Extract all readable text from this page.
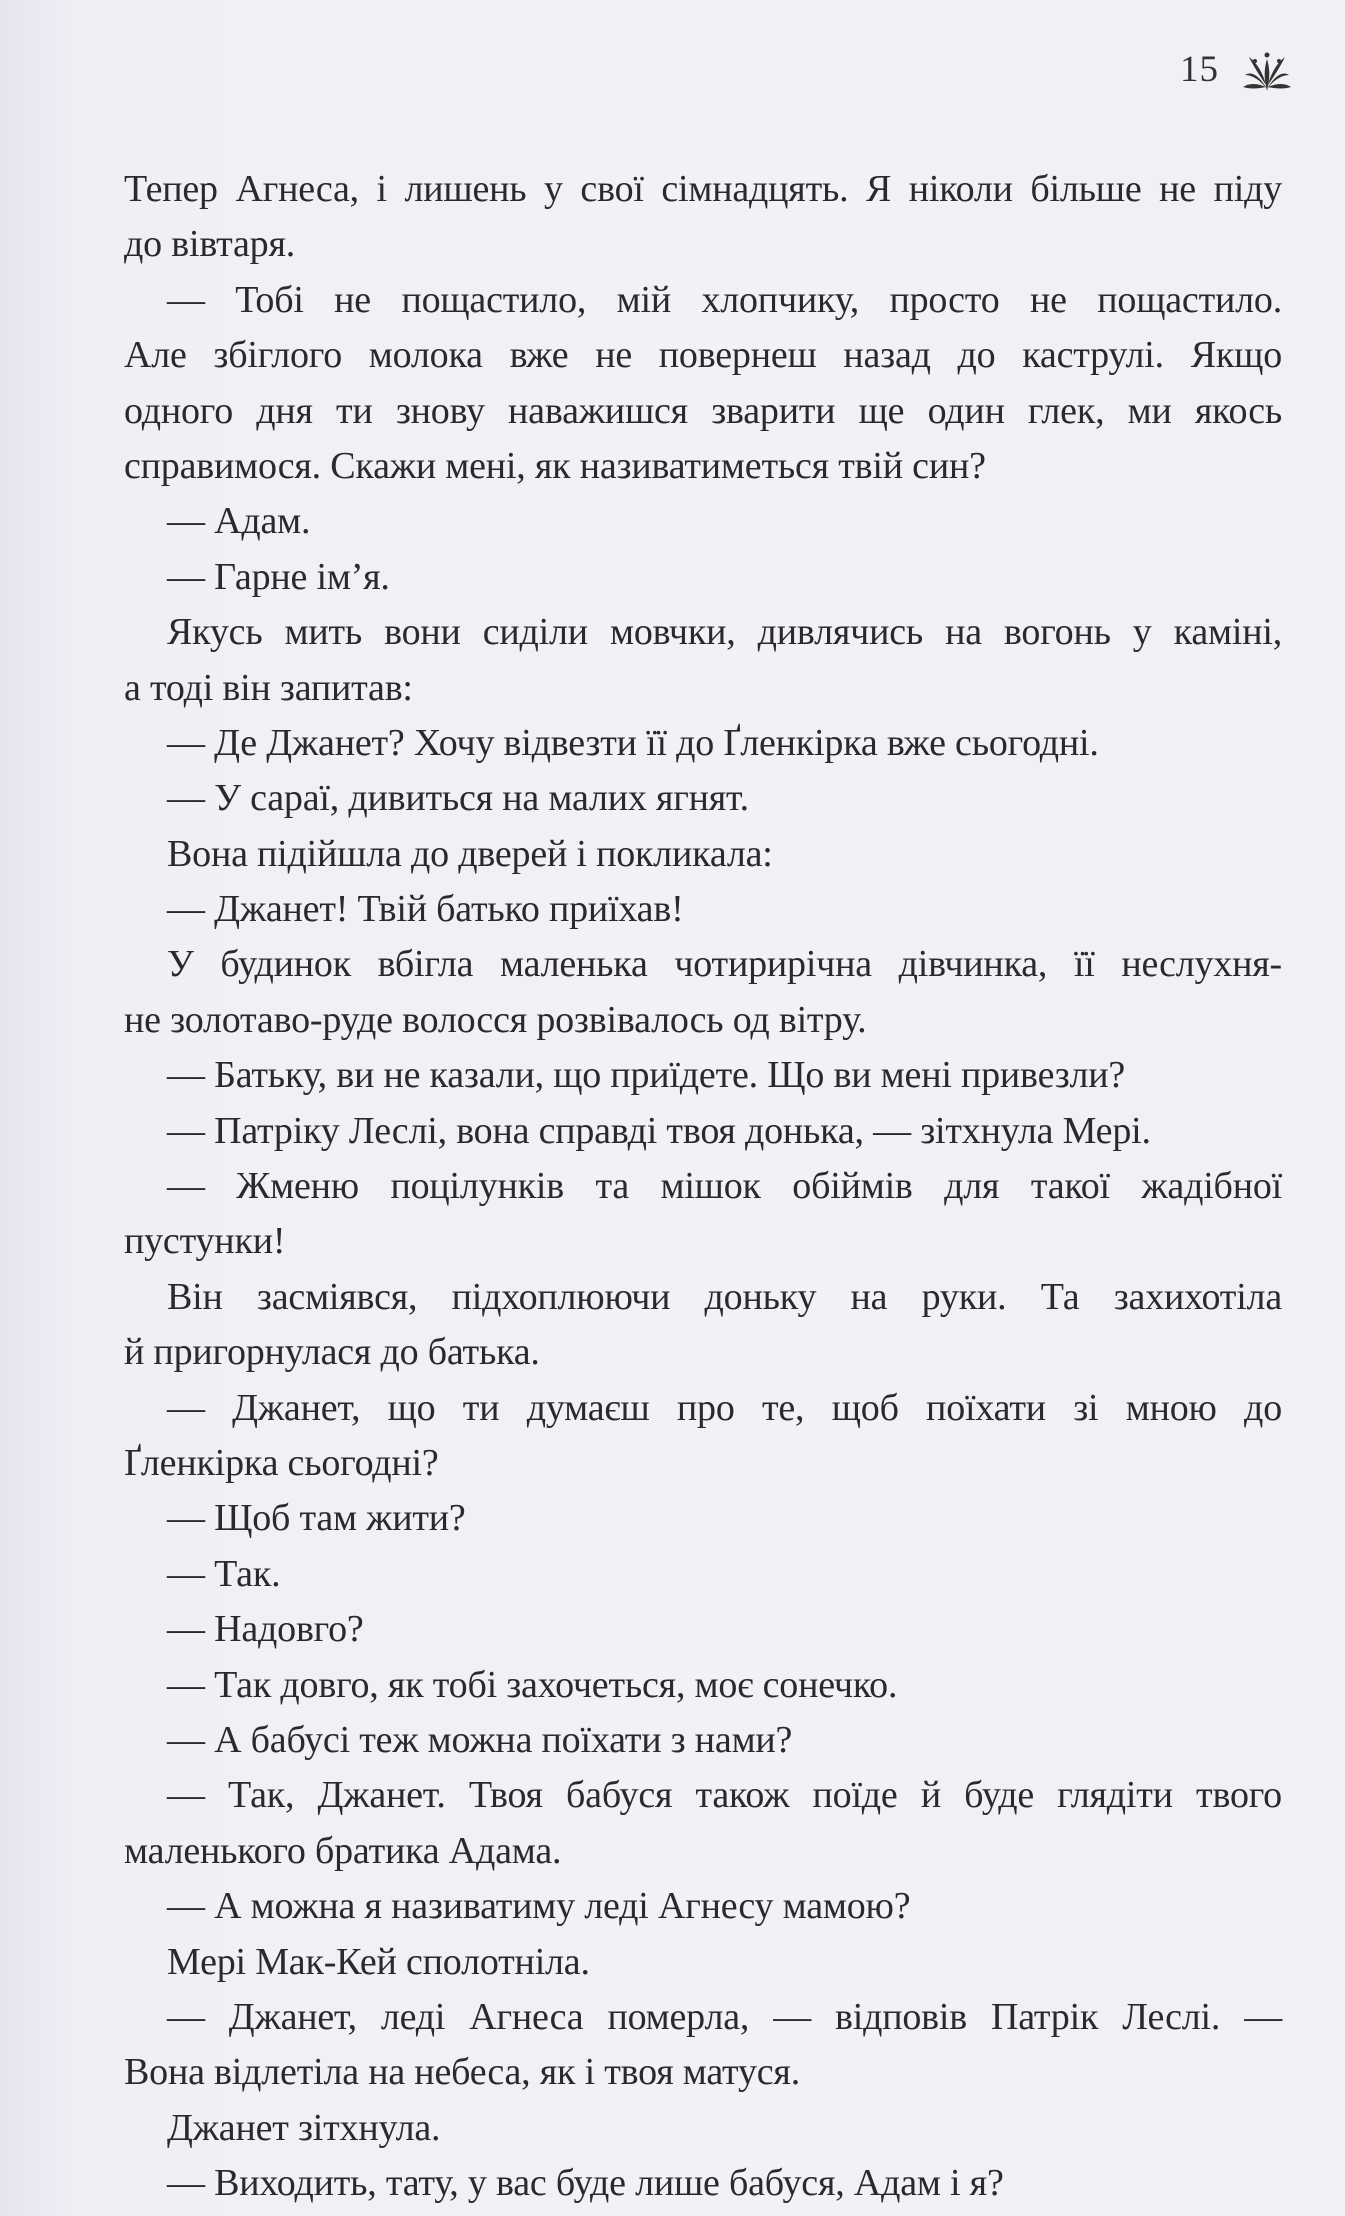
15
Тепер Агнеса, і лишень у свої сімнадцять. Я ніколи більше не піду
до вівтаря.
— Тобі не пощастило, мій хлопчику, просто не пощастило.
Але збіглого молока вже не повернеш назад до каструлі. Якщо
одного дня ти знову наважишся зварити ще один глек, ми якось
справимося. Скажи мені, як називатиметься твій син?
— Адам.
— Гарне ім’я.
Якусь мить вони сиділи мовчки, дивлячись на вогонь у каміні,
а тоді він запитав:
— Де Джанет? Хочу відвезти її до Ґленкірка вже сьогодні.
— У сараї, дивиться на малих ягнят.
Вона підійшла до дверей і покликала:
— Джанет! Твій батько приїхав!
У будинок вбігла маленька чотирирічна дівчинка, її неслухня-
не золотаво-руде волосся розвівалось од вітру.
— Батьку, ви не казали, що приїдете. Що ви мені привезли?
— Патріку Леслі, вона справді твоя донька, — зітхнула Мері.
— Жменю поцілунків та мішок обіймів для такої жадібної
пустунки!
Він засміявся, підхоплюючи доньку на руки. Та захихотіла
й пригорнулася до батька.
— Джанет, що ти думаєш про те, щоб поїхати зі мною до
Ґленкірка сьогодні?
— Щоб там жити?
— Так.
— Надовго?
— Так довго, як тобі захочеться, моє сонечко.
— А бабусі теж можна поїхати з нами?
— Так, Джанет. Твоя бабуся також поїде й буде глядіти твого
маленького братика Адама.
— А можна я називатиму леді Агнесу мамою?
Мері Мак-Кей сполотніла.
— Джанет, леді Агнеса померла, — відповів Патрік Леслі. —
Вона відлетіла на небеса, як і твоя матуся.
Джанет зітхнула.
— Виходить, тату, у вас буде лише бабуся, Адам і я?
